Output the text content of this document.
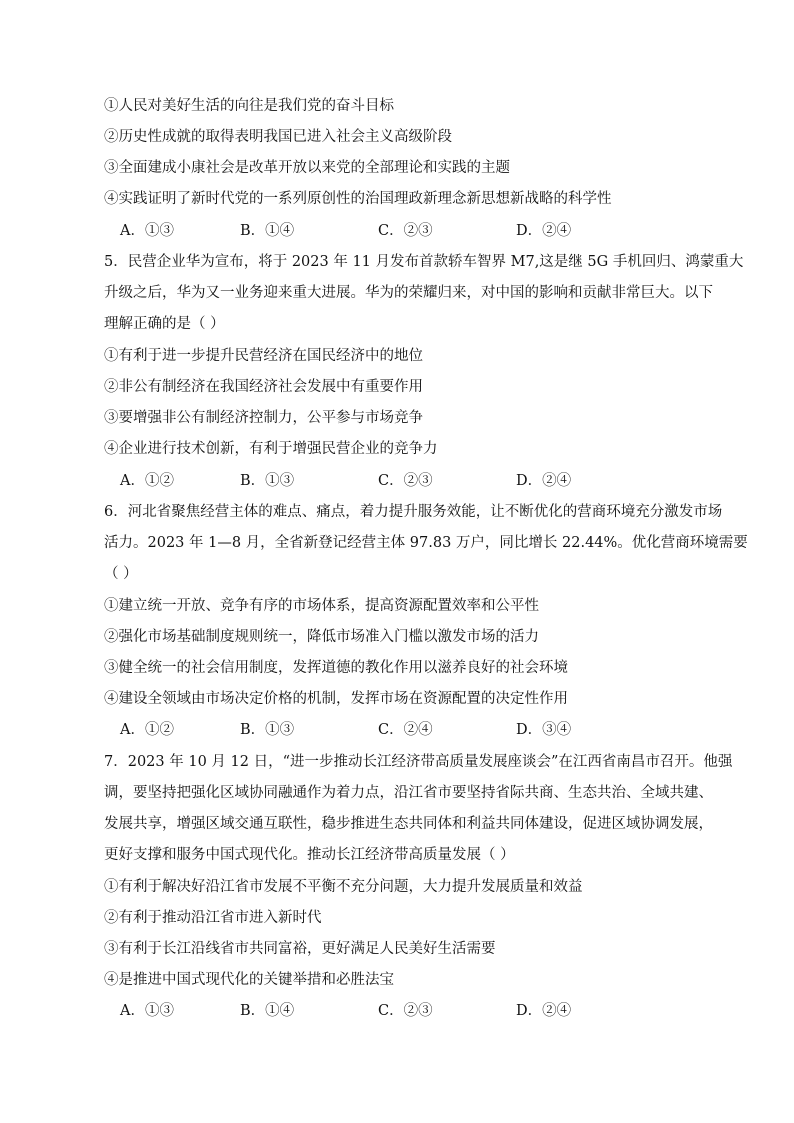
①人民对美好生活的向往是我们党的奋斗目标
②历史性成就的取得表明我国已进入社会主义高级阶段
③全面建成小康社会是改革开放以来党的全部理论和实践的主题
④实践证明了新时代党的一系列原创性的治国理政新理念新思想新战略的科学性
A．①③	B．①④	C．②③	D．②④
5．民营企业华为宣布，将于 2023 年 11 月发布首款轿车智界 M7,这是继 5G 手机回归、鸿蒙重大
升级之后，华为又一业务迎来重大进展。华为的荣耀归来，对中国的影响和贡献非常巨大。以下
理解正确的是（ ）
①有利于进一步提升民营经济在国民经济中的地位
②非公有制经济在我国经济社会发展中有重要作用
③要增强非公有制经济控制力，公平参与市场竞争
④企业进行技术创新，有利于增强民营企业的竞争力
A．①②	B．①③	C．②③	D．②④
6．河北省聚焦经营主体的难点、痛点，着力提升服务效能，让不断优化的营商环境充分激发市场
活力。2023 年 1—8 月，全省新登记经营主体 97.83 万户，同比增长 22.44%。优化营商环境需要
（ ）
①建立统一开放、竞争有序的市场体系，提高资源配置效率和公平性
②强化市场基础制度规则统一，降低市场准入门槛以激发市场的活力
③健全统一的社会信用制度，发挥道德的教化作用以滋养良好的社会环境
④建设全领域由市场决定价格的机制，发挥市场在资源配置的决定性作用
A．①②	B．①③	C．②④	D．③④
7．2023 年 10 月 12 日，“进一步推动长江经济带高质量发展座谈会”在江西省南昌市召开。他强
调，要坚持把强化区域协同融通作为着力点，沿江省市要坚持省际共商、生态共治、全域共建、
发展共享，增强区域交通互联性，稳步推进生态共同体和利益共同体建设，促进区域协调发展，
更好支撑和服务中国式现代化。推动长江经济带高质量发展（ ）
①有利于解决好沿江省市发展不平衡不充分问题，大力提升发展质量和效益
②有利于推动沿江省市进入新时代
③有利于长江沿线省市共同富裕，更好满足人民美好生活需要
④是推进中国式现代化的关键举措和必胜法宝
A．①③	B．①④	C．②③	D．②④
